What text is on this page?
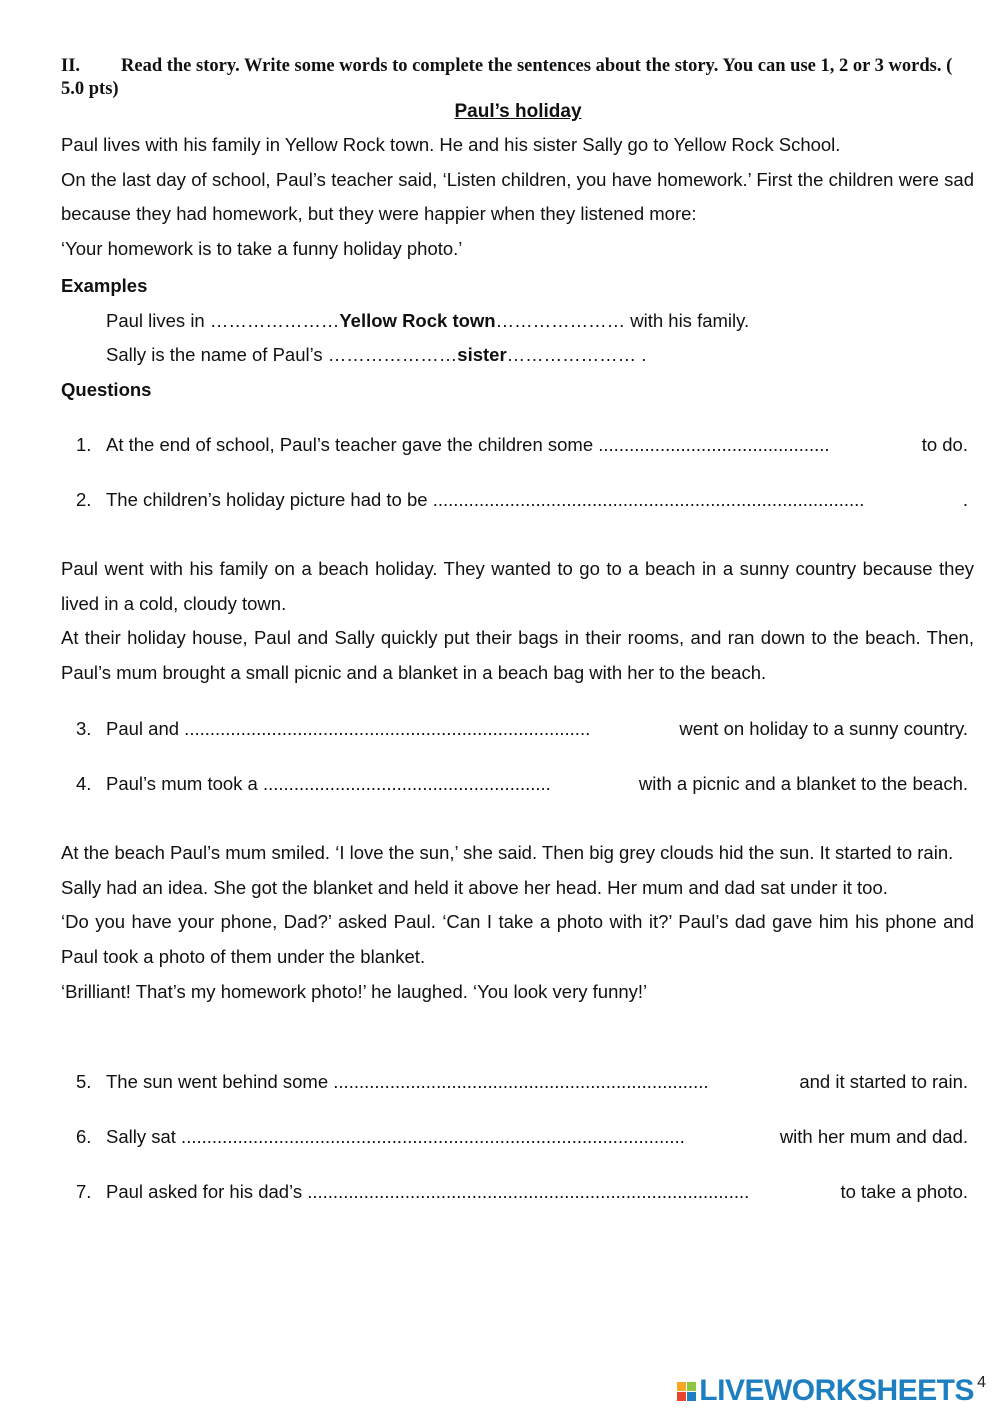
II. Read the story. Write some words to complete the sentences about the story. You can use 1, 2 or 3 words. ( 5.0 pts)
Paul’s holiday

Paul lives with his family in Yellow Rock town. He and his sister Sally go to Yellow Rock School.

On the last day of school, Paul’s teacher said, ‘Listen children, you have homework.’ First the children were sad because they had homework, but they were happier when they listened more:

‘Your homework is to take a funny holiday photo.’

Examples
Paul lives in …………………Yellow Rock town………………… with his family.
Sally is the name of Paul’s …………………sister………………… .
Questions
1. At the end of school, Paul’s teacher gave the children some .............................................	to do.
2. The children’s holiday picture had to be ....................................................................................	.

Paul went with his family on a beach holiday. They wanted to go to a beach in a sunny country because they lived in a cold, cloudy town.

At their holiday house, Paul and Sally quickly put their bags in their rooms, and ran down to the beach. Then, Paul’s mum brought a small picnic and a blanket in a beach bag with her to the beach.

3. Paul and ...............................................................................	went on holiday to a sunny country.
4. Paul’s mum took a ........................................................	with a picnic and a blanket to the beach.

At the beach Paul’s mum smiled. ‘I love the sun,’ she said. Then big grey clouds hid the sun. It started to rain.

Sally had an idea. She got the blanket and held it above her head. Her mum and dad sat under it too.

‘Do you have your phone, Dad?’ asked Paul. ‘Can I take a photo with it?’ Paul’s dad gave him his phone and Paul took a photo of them under the blanket.

‘Brilliant! That’s my homework photo!’ he laughed. ‘You look very funny!’

5. The sun went behind some .........................................................................	and it started to rain.
6. Sally sat ..................................................................................................	with her mum and dad.
7. Paul asked for his dad’s ......................................................................................	to take a photo.
LIVEWORKSHEETS 4
